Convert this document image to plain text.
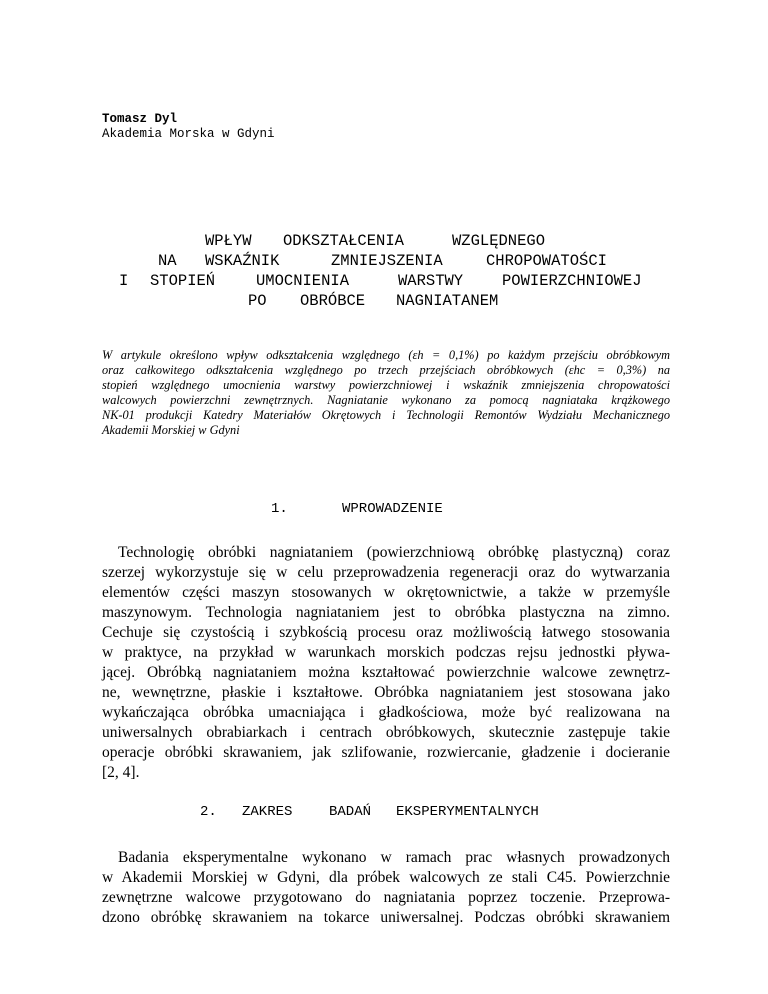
Tomasz Dyl
Akademia Morska w Gdyni
WPŁYW ODKSZTAŁCENIA	WZGLĘDNEGO
NA WSKAŹNIK	ZMNIEJSZENIA	CHROPOWATOŚCI
I STOPIEŃ	UMOCNIENIA	WARSTWY	POWIERZCHNIOWEJ
PO OBRÓBCE NAGNIATANEM
W artykule określono wpływ odkształcenia względnego (εh = 0,1%) po każdym przejściu obróbkowym
oraz całkowitego odkształcenia względnego po trzech przejściach obróbkowych (εhc = 0,3%) na
stopień względnego umocnienia warstwy powierzchniowej i wskaźnik zmniejszenia chropowatości
walcowych powierzchni zewnętrznych. Nagniatanie wykonano za pomocą nagniataka krążkowego
NK-01 produkcji Katedry Materiałów Okrętowych i Technologii Remontów Wydziału Mechanicznego
Akademii Morskiej w Gdyni
1.	WPROWADZENIE
Technologię obróbki nagniataniem (powierzchniową obróbkę plastyczną) coraz
szerzej wykorzystuje się w celu przeprowadzenia regeneracji oraz do wytwarzania
elementów części maszyn stosowanych w okrętownictwie, a także w przemyśle
maszynowym. Technologia nagniataniem jest to obróbka plastyczna na zimno.
Cechuje się czystością i szybkością procesu oraz możliwością łatwego stosowania
w praktyce, na przykład w warunkach morskich podczas rejsu jednostki pływa-
jącej. Obróbką nagniataniem można kształtować powierzchnie walcowe zewnętrz-
ne, wewnętrzne, płaskie i kształtowe. Obróbka nagniataniem jest stosowana jako
wykańczająca obróbka umacniająca i gładkościowa, może być realizowana na
uniwersalnych obrabiarkach i centrach obróbkowych, skutecznie zastępuje takie
operacje obróbki skrawaniem, jak szlifowanie, rozwiercanie, gładzenie i docieranie
[2, 4].
2. ZAKRES	BADAŃ EKSPERYMENTALNYCH
Badania eksperymentalne wykonano w ramach prac własnych prowadzonych
w Akademii Morskiej w Gdyni, dla próbek walcowych ze stali C45. Powierzchnie
zewnętrzne walcowe przygotowano do nagniatania poprzez toczenie. Przeprowa-
dzono obróbkę skrawaniem na tokarce uniwersalnej. Podczas obróbki skrawaniem
